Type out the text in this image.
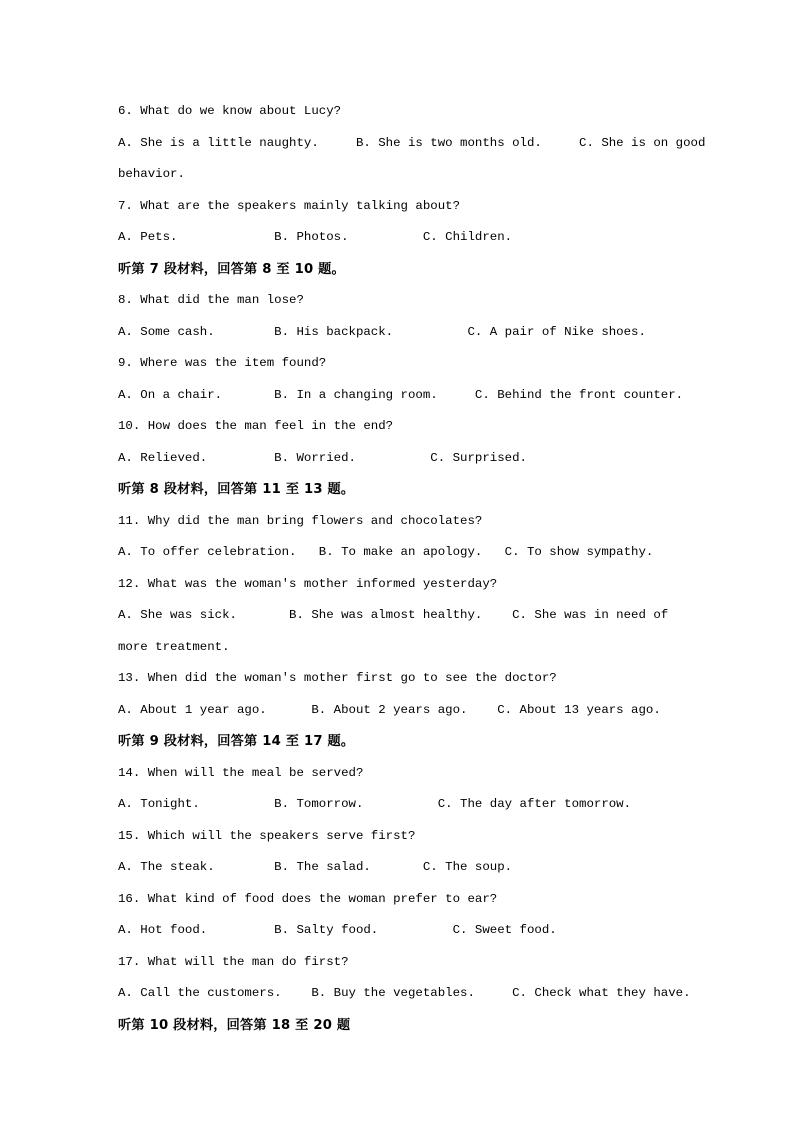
6. What do we know about Lucy?
A. She is a little naughty.     B. She is two months old.     C. She is on good
behavior.
7. What are the speakers mainly talking about?
A. Pets.             B. Photos.          C. Children.
听第 7 段材料，回答第 8 至 10 题。
8. What did the man lose?
A. Some cash.        B. His backpack.          C. A pair of Nike shoes.
9. Where was the item found?
A. On a chair.       B. In a changing room.     C. Behind the front counter.
10. How does the man feel in the end?
A. Relieved.         B. Worried.          C. Surprised.
听第 8 段材料，回答第 11 至 13 题。
11. Why did the man bring flowers and chocolates?
A. To offer celebration.   B. To make an apology.   C. To show sympathy.
12. What was the woman's mother informed yesterday?
A. She was sick.       B. She was almost healthy.    C. She was in need of
more treatment.
13. When did the woman's mother first go to see the doctor?
A. About 1 year ago.      B. About 2 years ago.    C. About 13 years ago.
听第 9 段材料，回答第 14 至 17 题。
14. When will the meal be served?
A. Tonight.          B. Tomorrow.          C. The day after tomorrow.
15. Which will the speakers serve first?
A. The steak.        B. The salad.       C. The soup.
16. What kind of food does the woman prefer to ear?
A. Hot food.         B. Salty food.          C. Sweet food.
17. What will the man do first?
A. Call the customers.    B. Buy the vegetables.     C. Check what they have.
听第 10 段材料，回答第 18 至 20 题
